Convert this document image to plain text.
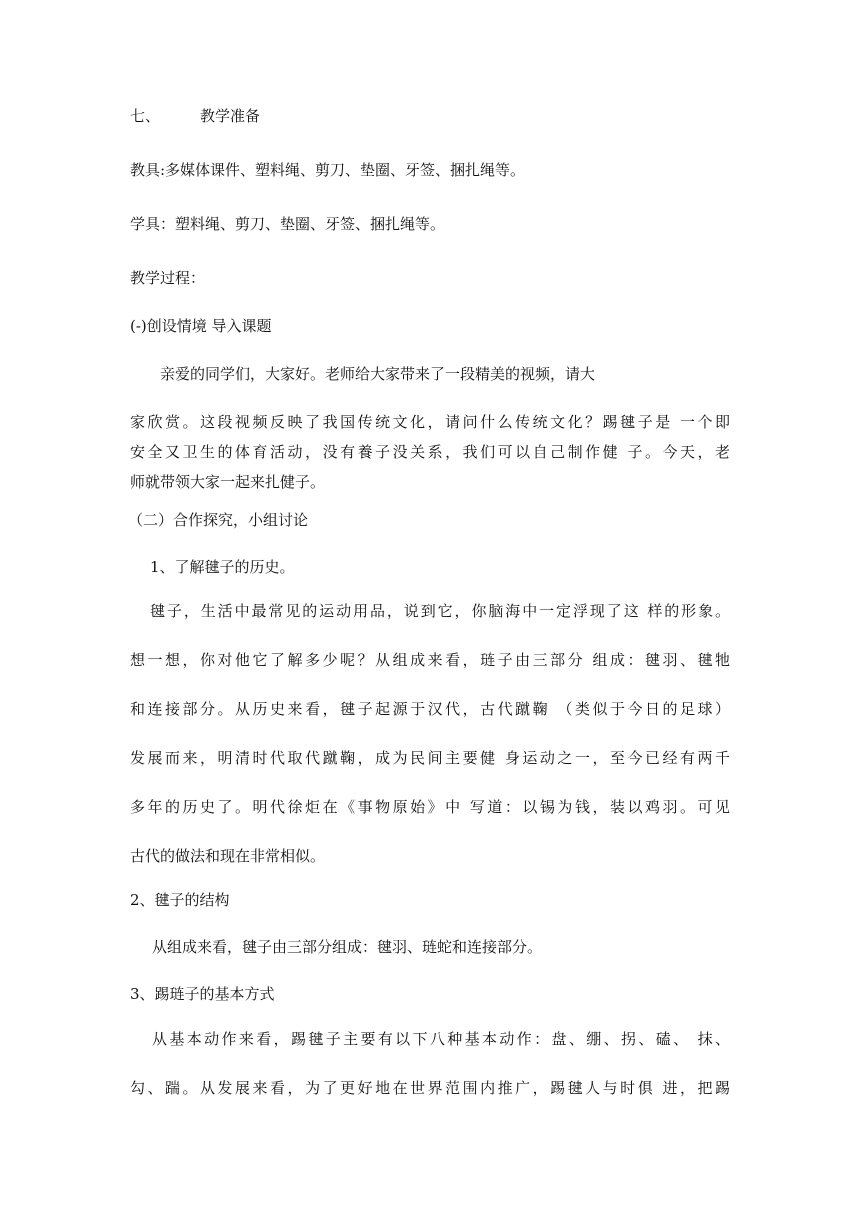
七、	教学准备
教具:多媒体课件、塑料绳、剪刀、垫圈、牙签、捆扎绳等。
学具：塑料绳、剪刀、垫圈、牙签、捆扎绳等。
教学过程：
(-)创设情境 导入课题
亲爱的同学们，大家好。老师给大家带来了一段精美的视频，请大
家欣赏。这段视频反映了我国传统文化，请问什么传统文化？踢毽子是 一个即
安全又卫生的体育活动，没有養子没关系，我们可以自己制作健 子。今天，老
师就带领大家一起来扎健子。
（二）合作探究，小组讨论
1、了解毽子的历史。
毽子，生活中最常见的运动用品，说到它，你脑海中一定浮现了这 样的形象。
想一想，你对他它了解多少呢？从组成来看，琏子由三部分 组成：毽羽、毽牠
和连接部分。从历史来看，毽子起源于汉代，古代蹴鞠 （类似于今日的足球）
发展而来，明清时代取代蹴鞠，成为民间主要健 身运动之一，至今已经有两千
多年的历史了。明代徐炬在《事物原始》中 写道：以锡为钱，装以鸡羽。可见
古代的做法和现在非常相似。
2、毽子的结构
从组成来看，毽子由三部分组成：毽羽、琏蛇和连接部分。
3、踢琏子的基本方式
从基本动作来看，踢毽子主要有以下八种基本动作：盘、绷、拐、磕、 抹、
勾、踹。从发展来看，为了更好地在世界范围内推广，踢毽人与时俱 进，把踢
